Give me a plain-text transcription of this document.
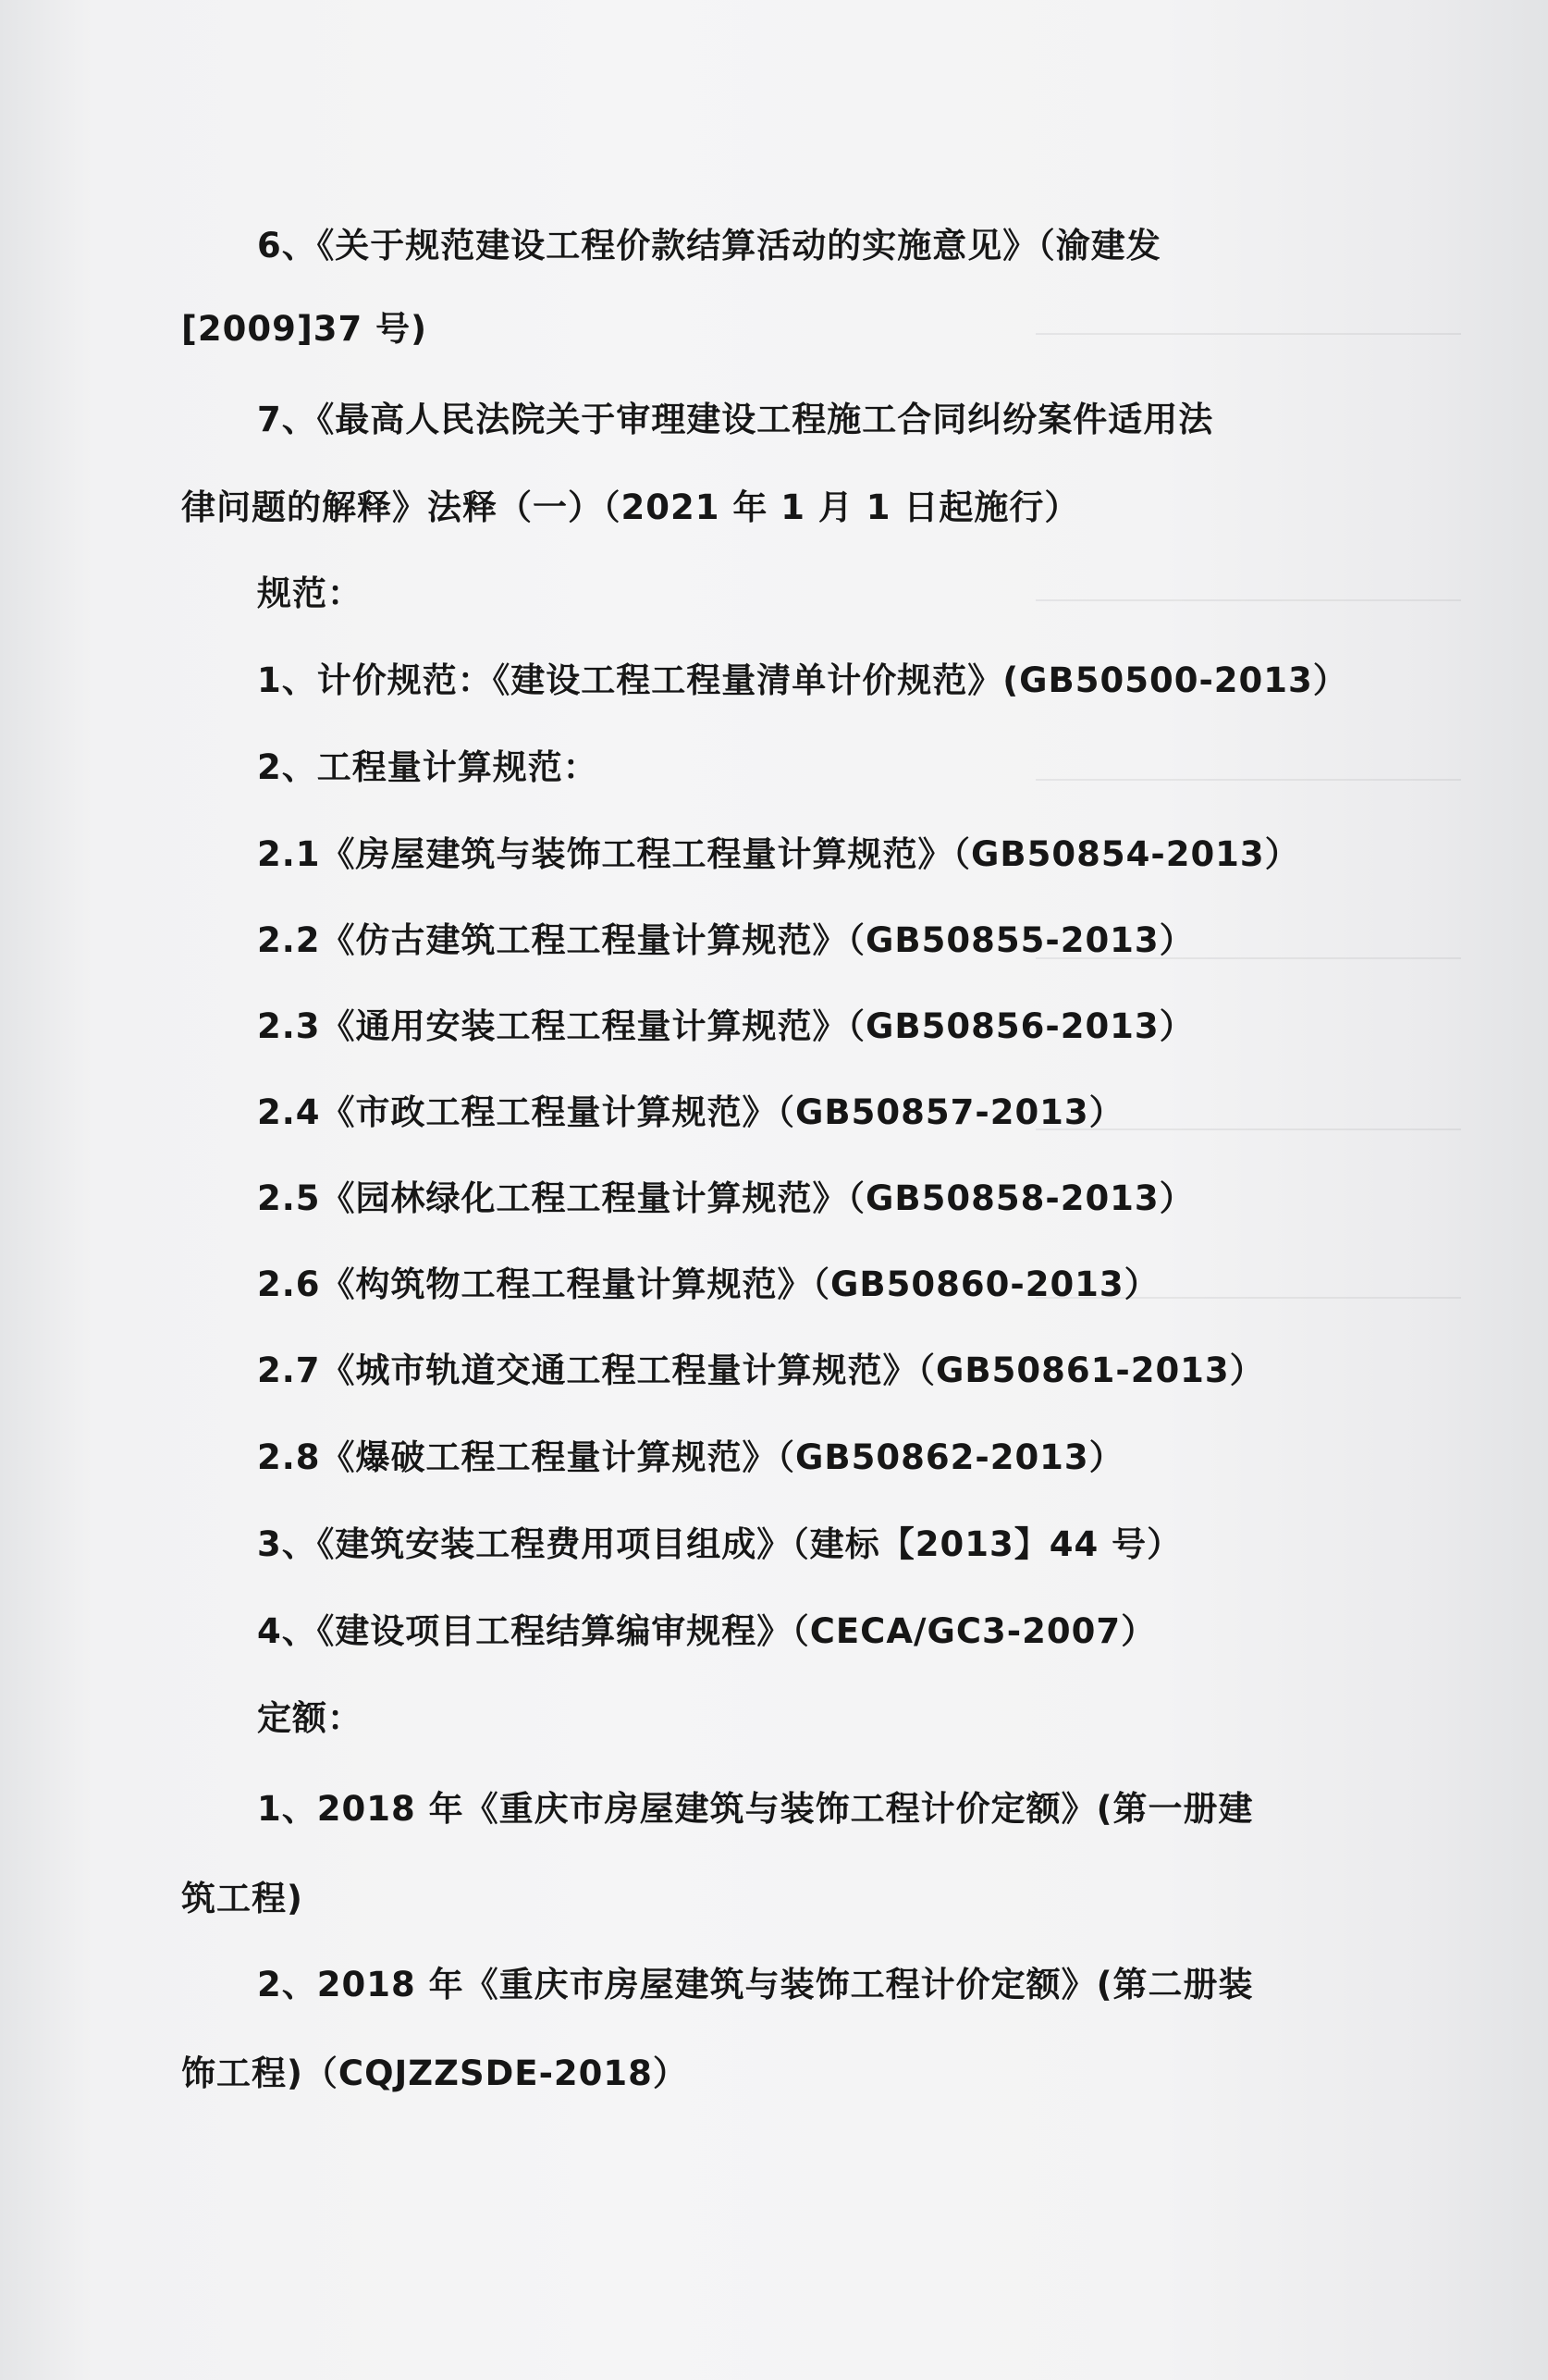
6、《关于规范建设工程价款结算活动的实施意见》（渝建发
[2009]37 号)
7、《最高人民法院关于审理建设工程施工合同纠纷案件适用法
律问题的解释》法释（一）（2021 年 1 月 1 日起施行）
规范：
1、计价规范：《建设工程工程量清单计价规范》(GB50500-2013）
2、工程量计算规范：
2.1《房屋建筑与装饰工程工程量计算规范》（GB50854-2013）
2.2《仿古建筑工程工程量计算规范》（GB50855-2013）
2.3《通用安装工程工程量计算规范》（GB50856-2013）
2.4《市政工程工程量计算规范》（GB50857-2013）
2.5《园林绿化工程工程量计算规范》（GB50858-2013）
2.6《构筑物工程工程量计算规范》（GB50860-2013）
2.7《城市轨道交通工程工程量计算规范》（GB50861-2013）
2.8《爆破工程工程量计算规范》（GB50862-2013）
3、《建筑安装工程费用项目组成》（建标【2013】44 号）
4、《建设项目工程结算编审规程》（CECA/GC3-2007）
定额：
1、2018 年《重庆市房屋建筑与装饰工程计价定额》(第一册建
筑工程)
2、2018 年《重庆市房屋建筑与装饰工程计价定额》(第二册装
饰工程)（CQJZZSDE-2018）
